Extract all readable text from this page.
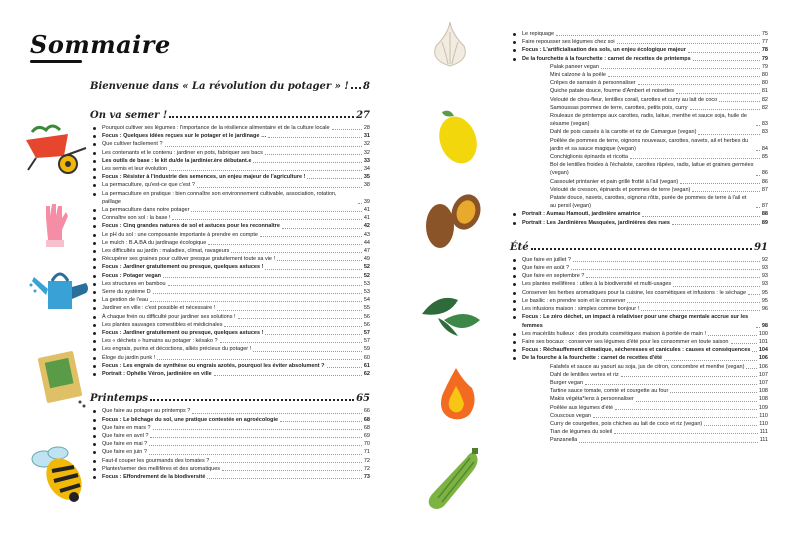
Sommaire
Bienvenue dans « La révolution du potager » ! 8
On va semer !	27
Pourquoi cultiver ses légumes : l'importance de la résilience alimentaire et de la culture locale	28
Focus : Quelques idées reçues sur le potager et le jardinage …	31
Que cultiver facilement ?	32
Les contenants et le contenu : jardiner en pots, fabriquer ses bacs	32
Les outils de base : le kit du/de la jardinier.ère débutant.e	33
Les semis et leur évolution	34
Focus : Résister à l'industrie des semences, un enjeu majeur de l'agriculture !	35
La permaculture, qu'est-ce que c'est ?	38
La permaculture en pratique : bien connaître son environnement cultivable, association, rotation, paillage	39
La permaculture dans notre potager	41
Connaître son sol : la base !	41
Focus : Cinq grandes natures de sol et astuces pour les reconnaître	42
Le pH du sol : une composante importante à prendre en compte	43
Le mulch : B.A.BA du jardinage écologique	44
Les difficultés au jardin : maladies, climat, ravageurs	47
Récupérer ses graines pour cultiver presque gratuitement toute sa vie !	49
Focus : Jardiner gratuitement ou presque, quelques astuces !	52
Focus : Potager vegan	52
Les structures en bambou	53
Serre du système D	53
La gestion de l'eau	54
Jardiner en ville : c'est possible et nécessaire !	55
À chaque frein ou difficulté pour jardiner ses solutions !	56
Les plantes sauvages comestibles et médicinales	56
Focus : Jardiner gratuitement ou presque, quelques astuces !	57
Les « déchets » humains au potager : késako ?	57
Les engrais, purins et décoctions, alliés précieux du potager !	59
Éloge du jardin punk !	60
Focus : Les engrais de synthèse ou engrais azotés, pourquoi les éviter absolument ?	61
Portrait : Ophélie Véron, jardinière en ville	62
Printemps	65
Que faire au potager au printemps ?	66
Focus : Le bêchage du sol, une pratique contestée en agroécologie	68
Que faire en mars ?	68
Que faire en avril ?	69
Que faire en mai ?	70
Que faire en juin ?	71
Faut-il couper les gourmands des tomates ?	72
Planter/semer des mellifères et des aromatiques	72
Focus : Effondrement de la biodiversité	73
Le repiquage	75
Faire repousser ses légumes chez soi	77
Focus : L'artificialisation des sols, un enjeu écologique majeur	78
De la fourchette à la fourchette : carnet de recettes de printemps	79
Palak paneer vegan	79
Mini calzone à la poêle	80
Crêpes de sarrasin à personnaliser	80
Quiche patate douce, fourme d'Ambert et noisettes	81
Velouté de chou-fleur, lentilles corail, carottes et curry au lait de coco	82
Samoussas pommes de terre, carottes, petits pois, curry	82
Rouleaux de printemps aux carottes, radis, laitue, menthe et sauce soja, huile de sésame (vegan)	83
Dahl de pois cassés à la carotte et riz de Camargue (vegan)	83
Poêlée de pommes de terre, oignons nouveaux, carottes, navets, ail et herbes du jardin et sa sauce magique (vegan)	84
Conchiglionis épinards et ricotta	85
Bol de lentilles froides à l'échalote, carottes râpées, radis, laitue et graines germées (vegan)	86
Cassoulet printanier et pain grillé frotté à l'ail (vegan)	86
Velouté de cresson, épinards et pommes de terre (vegan)	87
Patate douce, navets, carottes, oignons rôtis, purée de pommes de terre à l'ail et au persil (vegan)	87
Portrait : Aumau Hamouti, jardinière amatrice	88
Portrait : Les Jardinières Masquées, jardinières des rues	89
Été	91
Que faire en juillet ?	92
Que faire en août ?	93
Que faire en septembre ?	93
Les plantes mellifères : utiles à la biodiversité et multi-usages	93
Conserver les herbes aromatiques pour la cuisine, les cosmétiques et infusions : le séchage	95
Le basilic : en prendre soin et le conserver	95
Les infusions maison : simples comme bonjour !	96
Focus : Le zéro déchet, un impact à relativiser pour une charge mentale accrue sur les femmes	98
Les macérâts huileux : des produits cosmétiques maison à portée de main !	100
Faire ses bocaux : conserver ses légumes d'été pour les consommer en toute saison	101
Focus : Réchauffement climatique, sécheresses et canicules : causes et conséquences 104
De la fourche à la fourchette : carnet de recettes d'été	106
Falafels et sauce au yaourt au soja, jus de citron, concombre et menthe (vegan)	106
Dahl de lentilles vertes et riz	107
Burger vegan	107
Tartine sauce tomate, comté et courgette au four	108
Makis végéta*iens à personnaliser	108
Poêlée aux légumes d'été	109
Couscous vegan	110
Curry de courgettes, pois chiches au lait de coco et riz (vegan)	110
Tian de légumes du soleil	111
Panzanella	111
